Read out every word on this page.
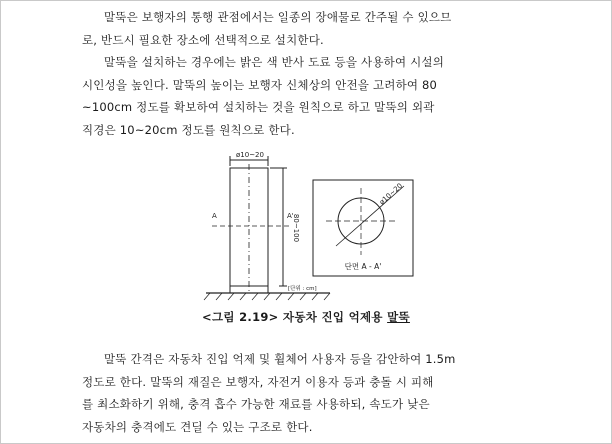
말뚝은 보행자의 통행 관점에서는 일종의 장애물로 간주될 수 있으므
로, 반드시 필요한 장소에 선택적으로 설치한다.
말뚝을 설치하는 경우에는 밝은 색 반사 도료 등을 사용하여 시설의
시인성을 높인다. 말뚝의 높이는 보행자 신체상의 안전을 고려하여 80
~100cm 정도를 확보하여 설치하는 것을 원칙으로 하고 말뚝의 외곽
직경은 10~20cm 정도를 원칙으로 한다.
ø10~20
80~100
A	A'
[단위 : cm]
ø10~20
단면 A - A'
<그림 2.19> 자동차 진입 억제용 말뚝
말뚝 간격은 자동차 진입 억제 및 휠체어 사용자 등을 감안하여 1.5m
정도로 한다. 말뚝의 재질은 보행자, 자전거 이용자 등과 충돌 시 피해
를 최소화하기 위해, 충격 흡수 가능한 재료를 사용하되, 속도가 낮은
자동차의 충격에도 견딜 수 있는 구조로 한다.
